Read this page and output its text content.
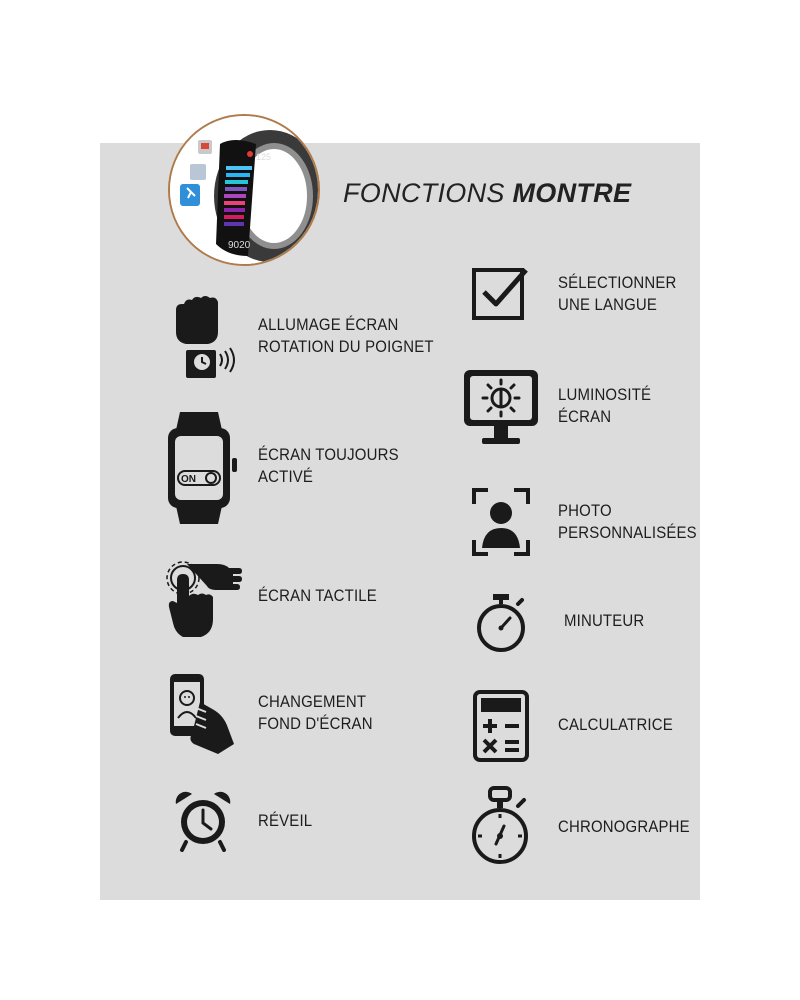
125
9020
FONCTIONS MONTRE
ALLUMAGE ÉCRAN
ROTATION DU POIGNET
ON
ÉCRAN TOUJOURS
ACTIVÉ
ÉCRAN TACTILE
CHANGEMENT
FOND D'ÉCRAN
RÉVEIL
SÉLECTIONNER
UNE LANGUE
LUMINOSITÉ
ÉCRAN
PHOTO
PERSONNALISÉES
MINUTEUR
CALCULATRICE
CHRONOGRAPHE
